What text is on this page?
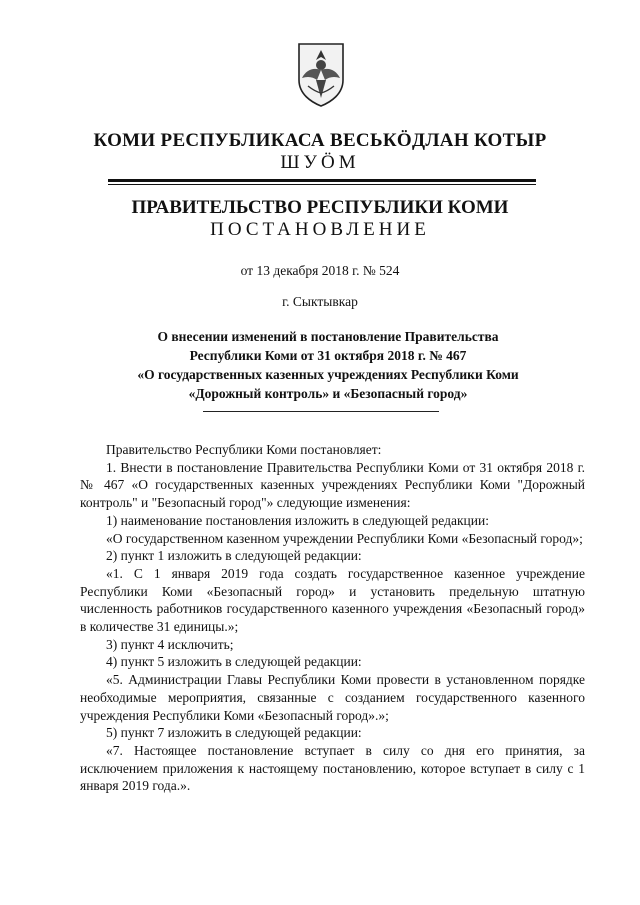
КОМИ РЕСПУБЛИКАСА ВЕСЬКӦДЛАН КОТЫР
ШУӦМ
ПРАВИТЕЛЬСТВО РЕСПУБЛИКИ КОМИ
ПОСТАНОВЛЕНИЕ
от 13 декабря 2018 г. № 524
г. Сыктывкар
О внесении изменений в постановление Правительства
Республики Коми от 31 октября 2018 г. № 467
«О государственных казенных учреждениях Республики Коми
«Дорожный контроль» и «Безопасный город»

Правительство Республики Коми постановляет:

1. Внести в постановление Правительства Республики Коми от 31 октября 2018 г. № 467 «О государственных казенных учреждениях Республики Коми "Дорожный контроль" и "Безопасный город"» следующие изменения:

1) наименование постановления изложить в следующей редакции:

«О государственном казенном учреждении Республики Коми «Безопасный город»;

2) пункт 1 изложить в следующей редакции:

«1. С 1 января 2019 года создать государственное казенное учреждение Республики Коми «Безопасный город» и установить предельную штатную численность работников государственного казенного учреждения «Безопасный город» в количестве 31 единицы.»;

3) пункт 4 исключить;

4) пункт 5 изложить в следующей редакции:

«5. Администрации Главы Республики Коми провести в установленном порядке необходимые мероприятия, связанные с созданием государственного казенного учреждения Республики Коми «Безопасный город».»;

5) пункт 7 изложить в следующей редакции:

«7. Настоящее постановление вступает в силу со дня его принятия, за исключением приложения к настоящему постановлению, которое вступает в силу с 1 января 2019 года.».
